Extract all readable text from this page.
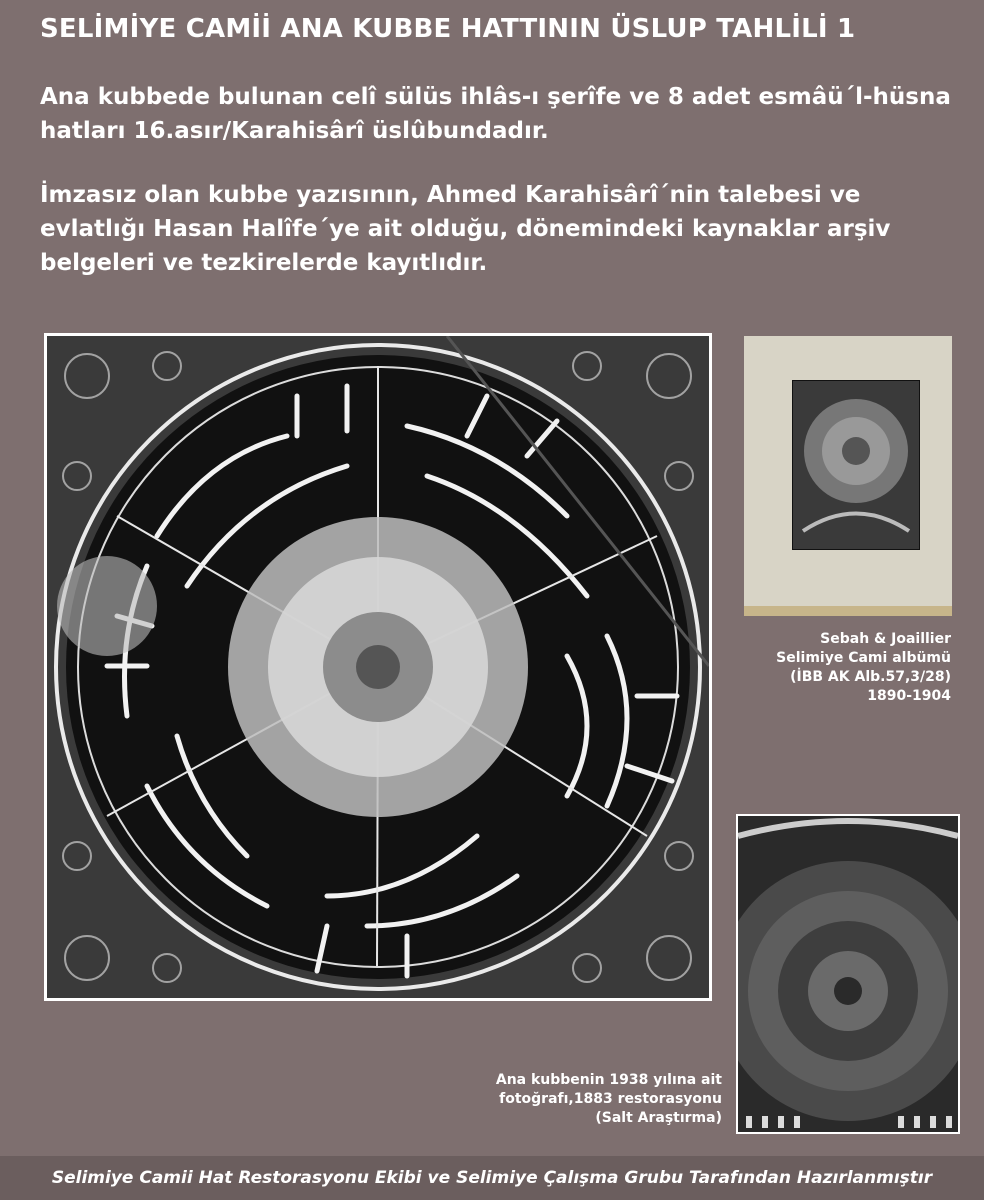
SELİMİYE CAMİİ ANA KUBBE HATTININ ÜSLUP TAHLİLİ 1
Ana kubbede bulunan celî sülüs ihlâs-ı şerîfe ve 8 adet esmâü´l-hüsna hatları 16.asır/Karahisârî üslûbundadır.
İmzasız olan kubbe yazısının, Ahmed Karahisârî´nin talebesi ve evlatlığı Hasan Halîfe´ye ait olduğu, dönemindeki kaynaklar arşiv belgeleri ve tezkirelerde kayıtlıdır.
Sebah & Joaillier
Selimiye Cami albümü
(İBB AK Alb.57,3/28)
1890-1904
Ana kubbenin 1938 yılına ait
fotoğrafı,1883 restorasyonu
(Salt Araştırma)
Selimiye Camii Hat Restorasyonu Ekibi ve Selimiye Çalışma Grubu Tarafından Hazırlanmıştır
